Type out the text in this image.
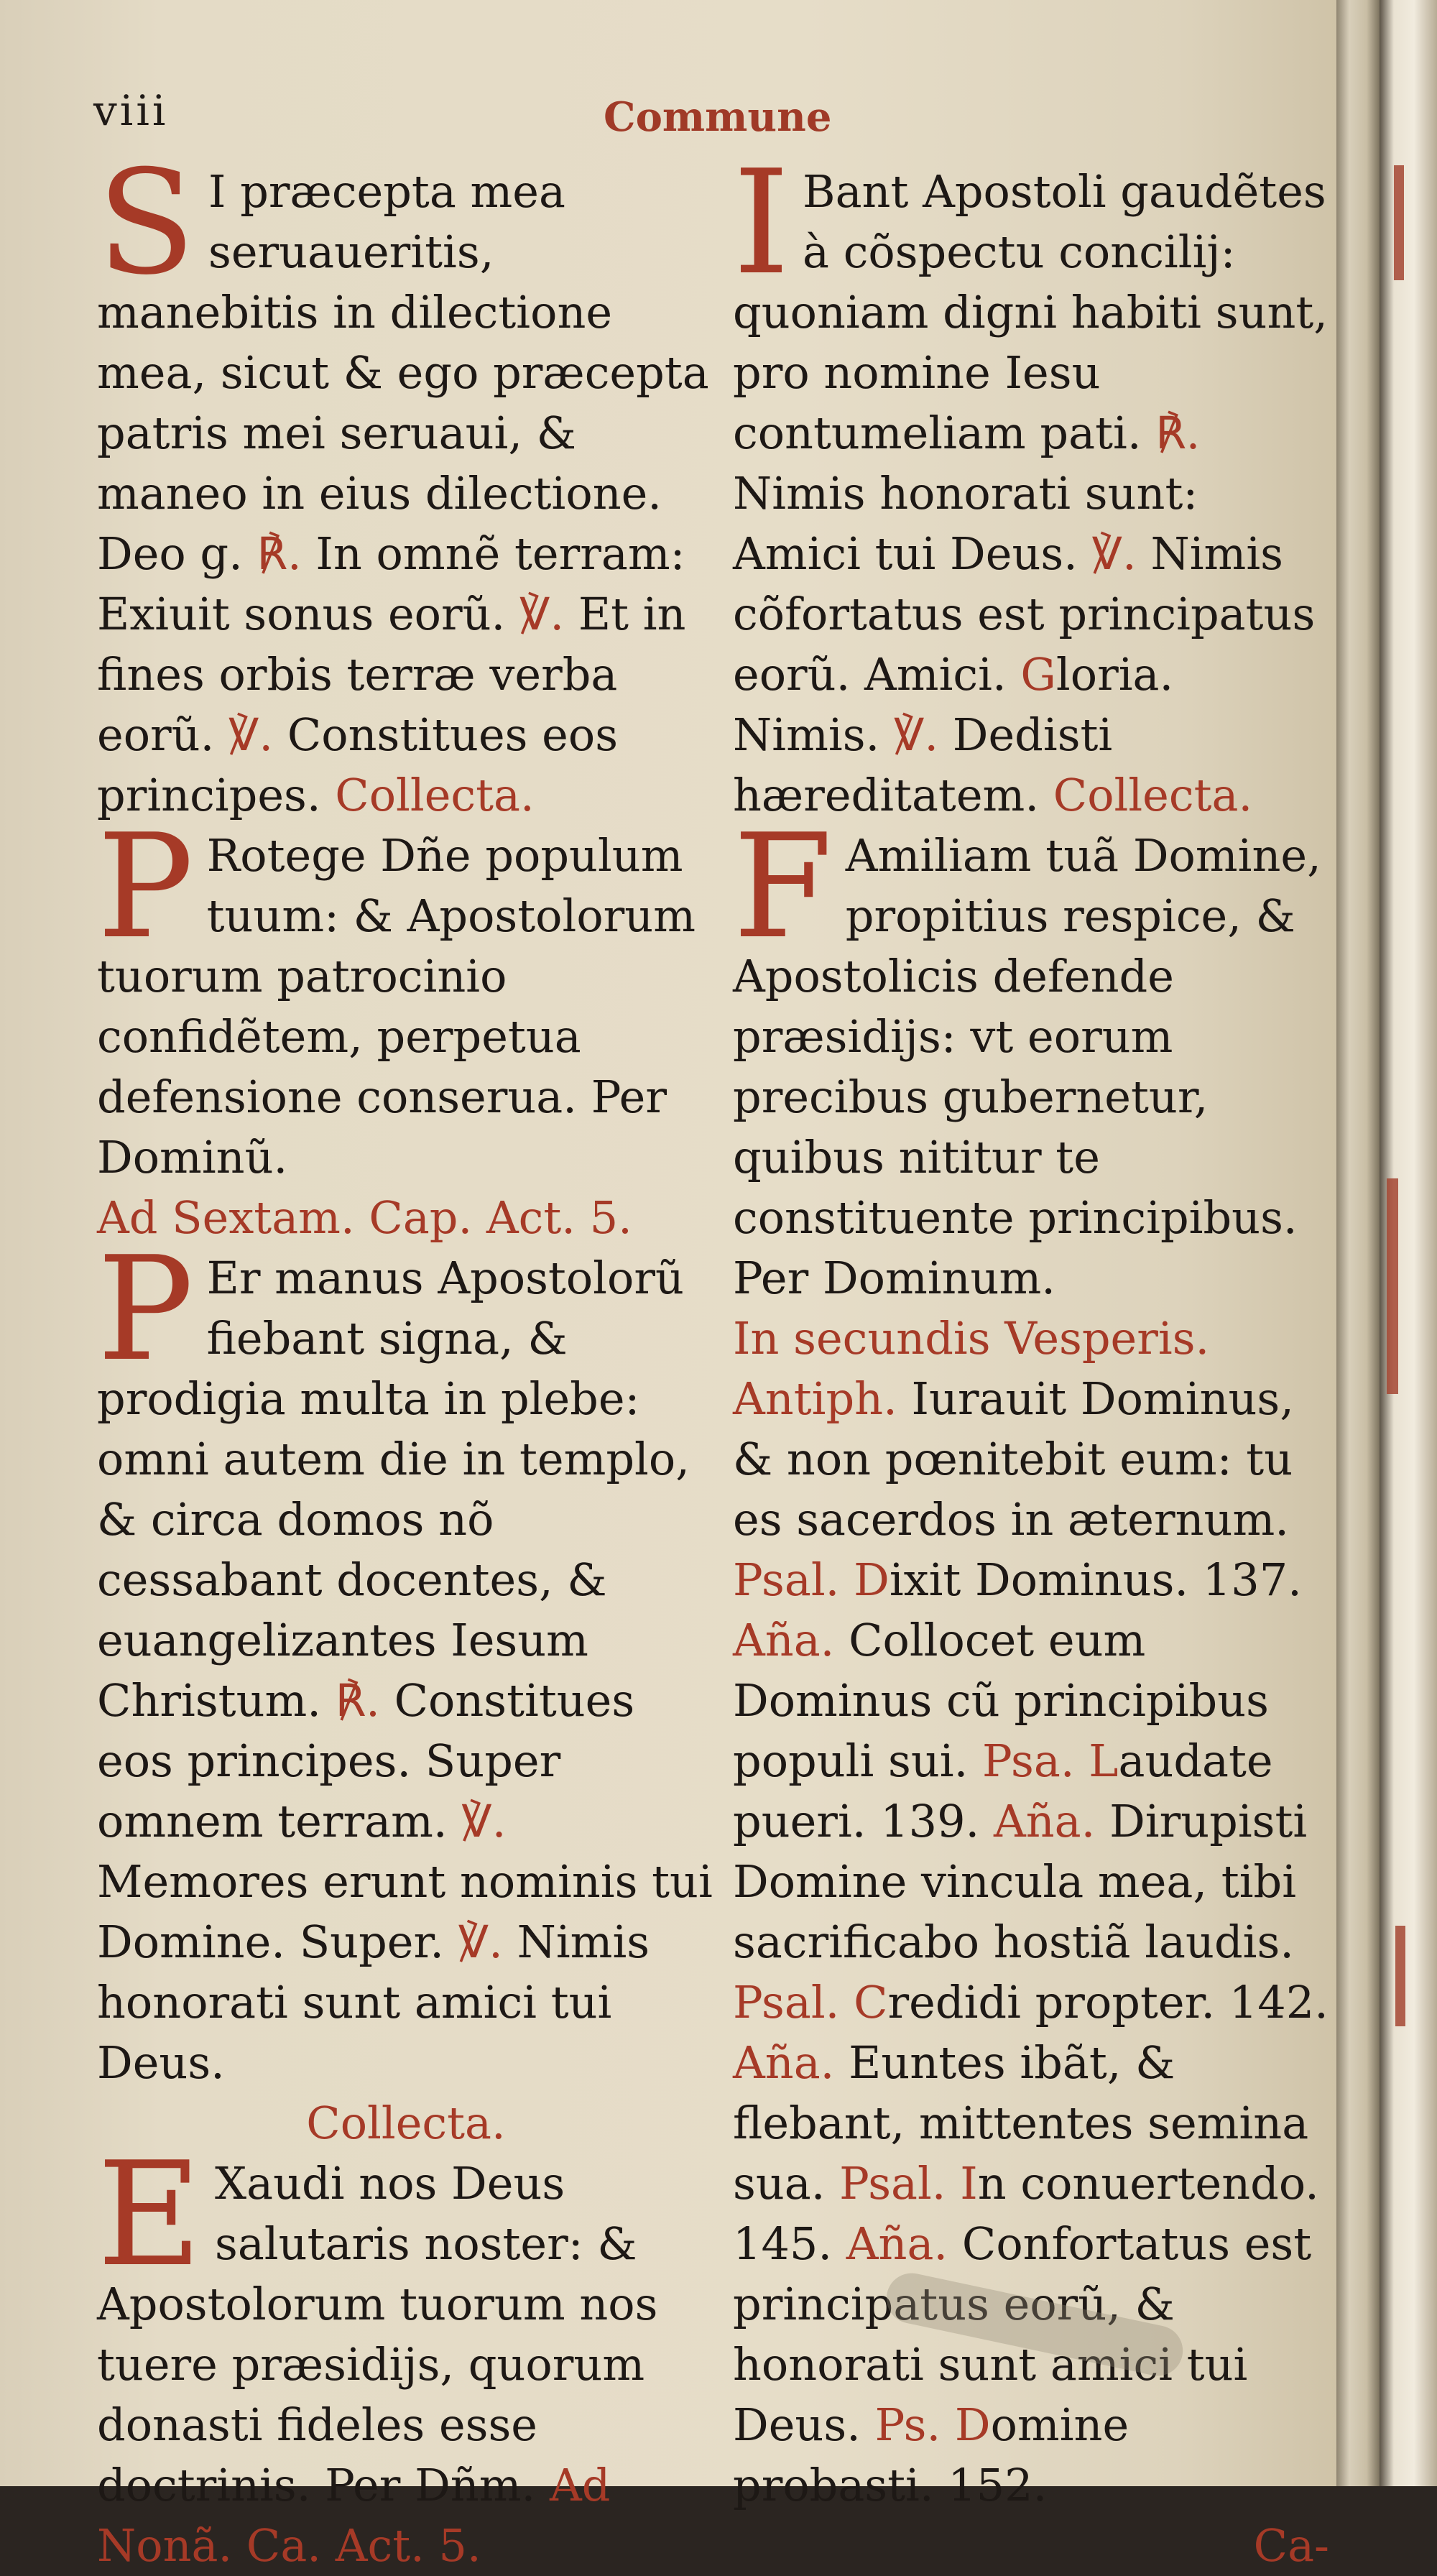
viii	Commune

S I præcepta mea seruaueritis, manebitis in dilectione mea, sicut & ego præcepta patris mei seruaui, & maneo in eius dilectione. Deo g. ℟. In omnẽ terram: Exiuit sonus eorũ. ℣. Et in fines orbis terræ verba eorũ. ℣. Constitues eos principes. Collecta.

P Rotege Dñe populum tuum: & Apostolorum tuorum patrocinio confidẽtem, perpetua defensione conserua. Per Dominũ.

Ad Sextam. Cap. Act. 5.

P Er manus Apostolorũ fiebant signa, & prodigia multa in plebe: omni autem die in templo, & circa domos nõ cessabant docentes, & euangelizantes Iesum Christum. ℟. Constitues eos principes. Super omnem terram. ℣. Memores erunt nominis tui Domine. Super. ℣. Nimis honorati sunt amici tui Deus.

Collecta.

E Xaudi nos Deus salutaris noster: & Apostolorum tuorum nos tuere præsidijs, quorum donasti fideles esse doctrinis. Per Dñm. Ad Nonã. Ca. Act. 5.

I Bant Apostoli gaudẽtes à cõspectu concilij: quoniam digni habiti sunt, pro nomine Iesu contumeliam pati. ℟. Nimis honorati sunt: Amici tui Deus. ℣. Nimis cõfortatus est principatus eorũ. Amici. Gloria. Nimis. ℣. Dedisti hæreditatem. Collecta.

F Amiliam tuã Domine, propitius respice, & Apostolicis defende præsidijs: vt eorum precibus gubernetur, quibus nititur te constituente principibus. Per Dominum.

In secundis Vesperis. Antiph. Iurauit Dominus, & non pœnitebit eum: tu es sacerdos in æternum. Psal. Dixit Dominus. 137. Aña. Collocet eum Dominus cũ principibus populi sui. Psa. Laudate pueri. 139. Aña. Dirupisti Domine vincula mea, tibi sacrificabo hostiã laudis. Psal. Credidi propter. 142. Aña. Euntes ibãt, & flebant, mittentes semina sua. Psal. In conuertendo. 145. Aña. Confortatus est principatus eorũ, & honorati sunt amici tui Deus. Ps. Domine probasti. 152.

Ca-
